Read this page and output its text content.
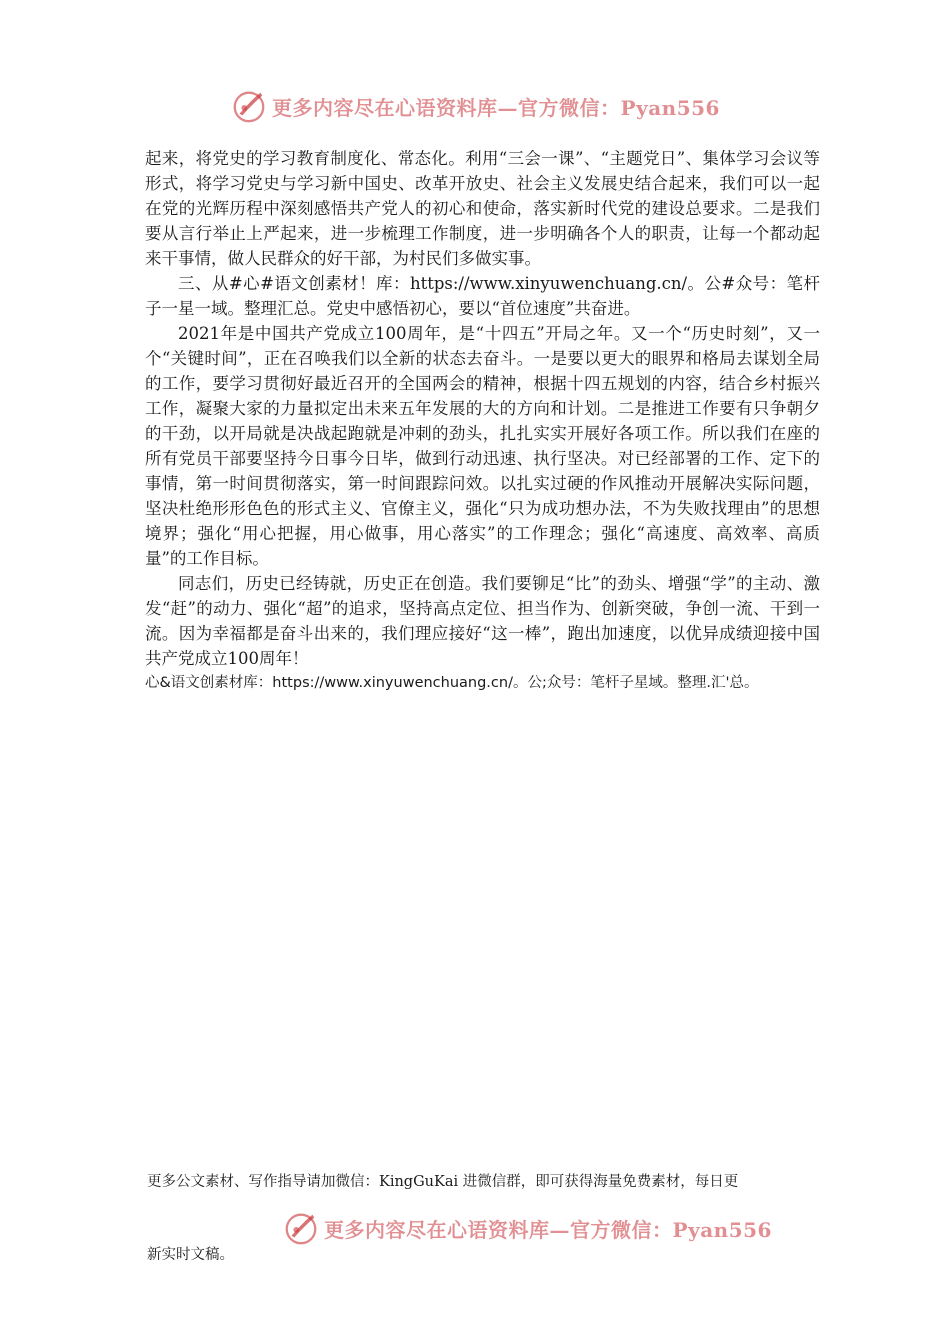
更多内容尽在心语资料库—官方微信：Pyan556

起来，将党史的学习教育制度化、常态化。利用“三会一课”、“主题党日”、集体学习会议等形式，将学习党史与学习新中国史、改革开放史、社会主义发展史结合起来，我们可以一起在党的光辉历程中深刻感悟共产党人的初心和使命，落实新时代党的建设总要求。二是我们要从言行举止上严起来，进一步梳理工作制度，进一步明确各个人的职责，让每一个都动起来干事情，做人民群众的好干部，为村民们多做实事。

三、从#心#语文创素材！库：https://www.xinyuwenchuang.cn/。公#众号：笔杆子一星一域。整理汇总。党史中感悟初心，要以“首位速度”共奋进。

2021年是中国共产党成立100周年，是“十四五”开局之年。又一个“历史时刻”，又一个“关键时间”，正在召唤我们以全新的状态去奋斗。一是要以更大的眼界和格局去谋划全局的工作，要学习贯彻好最近召开的全国两会的精神，根据十四五规划的内容，结合乡村振兴工作，凝聚大家的力量拟定出未来五年发展的大的方向和计划。二是推进工作要有只争朝夕的干劲，以开局就是决战起跑就是冲刺的劲头，扎扎实实开展好各项工作。所以我们在座的所有党员干部要坚持今日事今日毕，做到行动迅速、执行坚决。对已经部署的工作、定下的事情，第一时间贯彻落实，第一时间跟踪问效。以扎实过硬的作风推动开展解决实际问题，坚决杜绝形形色色的形式主义、官僚主义，强化“只为成功想办法，不为失败找理由”的思想境界；强化“用心把握，用心做事，用心落实”的工作理念；强化“高速度、高效率、高质量”的工作目标。

同志们，历史已经铸就，历史正在创造。我们要铆足“比”的劲头、增强“学”的主动、激发“赶”的动力、强化“超”的追求，坚持高点定位、担当作为、创新突破，争创一流、干到一流。因为幸福都是奋斗出来的，我们理应接好“这一棒”，跑出加速度，以优异成绩迎接中国共产党成立100周年！

心&语文创素材库：https://www.xinyuwenchuang.cn/。公;众号：笔杆子星域。整理.汇'总。

更多公文素材、写作指导请加微信：KingGuKai 进微信群，即可获得海量免费素材，每日更
更多内容尽在心语资料库—官方微信：Pyan556
新实时文稿。
